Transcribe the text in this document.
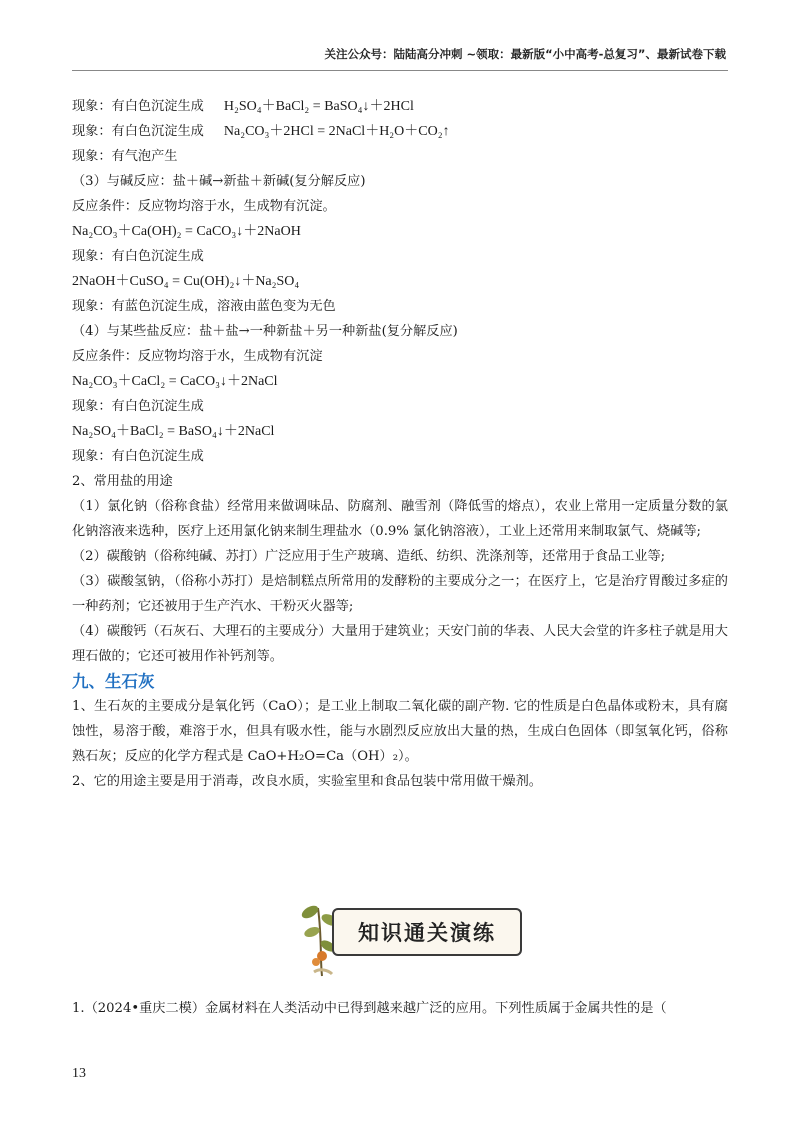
关注公众号：陆陆高分冲刺 ~领取：最新版“小中高考-总复习”、最新试卷下载
现象：有白色沉淀生成 H₂SO₄＋BaCl₂ = BaSO₄↓＋2HCl
现象：有白色沉淀生成 Na₂CO₃＋2HCl = 2NaCl＋H₂O＋CO₂↑
现象：有气泡产生
（3）与碱反应：盐＋碱→新盐＋新碱(复分解反应)
反应条件：反应物均溶于水，生成物有沉淀。
Na₂CO₃＋Ca(OH)₂ = CaCO₃↓＋2NaOH
现象：有白色沉淀生成
2NaOH＋CuSO₄ = Cu(OH)₂↓＋Na₂SO₄
现象：有蓝色沉淀生成，溶液由蓝色变为无色
（4）与某些盐反应：盐＋盐→一种新盐＋另一种新盐(复分解反应)
反应条件：反应物均溶于水，生成物有沉淀
Na₂CO₃＋CaCl₂ = CaCO₃↓＋2NaCl
现象：有白色沉淀生成
Na₂SO₄＋BaCl₂ = BaSO₄↓＋2NaCl
现象：有白色沉淀生成
2、常用盐的用途
（1）氯化钠（俗称食盐）经常用来做调味品、防腐剂、融雪剂（降低雪的熔点），农业上常用一定质量分数的氯化钠溶液来选种，医疗上还用氯化钠来制生理盐水（0.9% 氯化钠溶液），工业上还常用来制取氯气、烧碱等;
（2）碳酸钠（俗称纯碱、苏打）广泛应用于生产玻璃、造纸、纺织、洗涤剂等，还常用于食品工业等;
（3）碳酸氢钠，（俗称小苏打）是焙制糕点所常用的发酵粉的主要成分之一；在医疗上，它是治疗胃酸过多症的一种药剂；它还被用于生产汽水、干粉灭火器等;
（4）碳酸钙（石灰石、大理石的主要成分）大量用于建筑业；天安门前的华表、人民大会堂的许多柱子就是用大理石做的；它还可被用作补钙剂等。
九、生石灰
1、生石灰的主要成分是氧化钙（CaO）；是工业上制取二氧化碳的副产物. 它的性质是白色晶体或粉末，具有腐蚀性，易溶于酸，难溶于水，但具有吸水性，能与水剧烈反应放出大量的热，生成白色固体（即氢氧化钙，俗称熟石灰；反应的化学方程式是 CaO+H₂O=Ca（OH）₂）。
2、它的用途主要是用于消毒，改良水质，实验室里和食品包装中常用做干燥剂。
知识通关演练
1.（2024•重庆二模）金属材料在人类活动中已得到越来越广泛的应用。下列性质属于金属共性的是（
13
